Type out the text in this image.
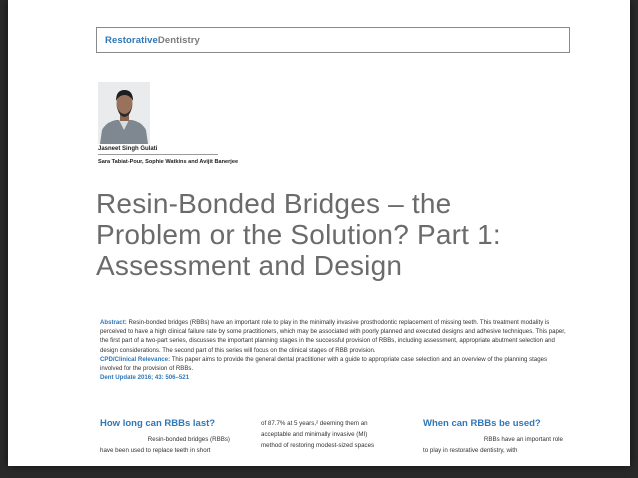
RestorativeDentistry
Jasneet Singh Gulati
Sara Tabiat-Pour, Sophie Watkins and Avijit Banerjee
Resin-Bonded Bridges – the
Problem or the Solution? Part 1:
Assessment and Design

Abstract: Resin-bonded bridges (RBBs) have an important role to play in the minimally invasive prosthodontic replacement of missing teeth. This treatment modality is perceived to have a high clinical failure rate by some practitioners, which may be associated with poorly planned and executed designs and adhesive techniques. This paper, the first part of a two-part series, discusses the important planning stages in the successful provision of RBBs, including assessment, appropriate abutment selection and design considerations. The second part of this series will focus on the clinical stages of RBB provision.

CPD/Clinical Relevance: This paper aims to provide the general dental practitioner with a guide to appropriate case selection and an overview of the planning stages involved for the provision of RBBs.

Dent Update 2016; 43: 506–521

How long can RBBs last?
Resin-bonded bridges (RBBs)
have been used to replace teeth in short
of 87.7% at 5 years,² deeming them an
acceptable and minimally invasive (MI)
method of restoring modest-sized spaces
When can RBBs be used?
RBBs have an important role
to play in restorative dentistry, with
